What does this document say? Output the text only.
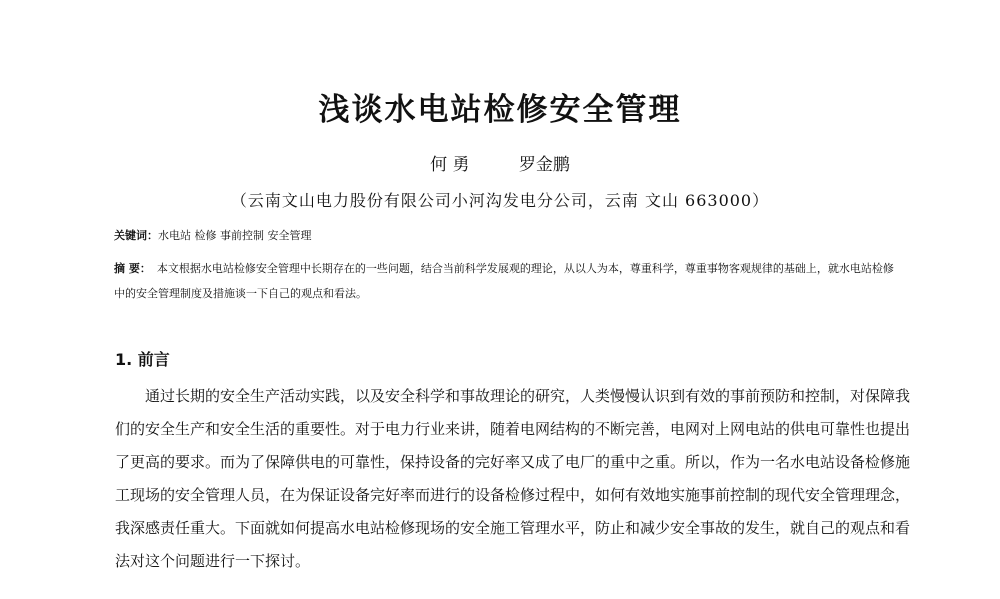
浅谈水电站检修安全管理
何 勇	罗金鹏
（云南文山电力股份有限公司小河沟发电分公司，云南 文山 663000）
关键词：水电站 检修 事前控制 安全管理
摘 要： 本文根据水电站检修安全管理中长期存在的一些问题，结合当前科学发展观的理论，从以人为本，尊重科学，尊重事物客观规律的基础上，就水电站检修中的安全管理制度及措施谈一下自己的观点和看法。
1. 前言

通过长期的安全生产活动实践，以及安全科学和事故理论的研究，人类慢慢认识到有效的事前预防和控制，对保障我们的安全生产和安全生活的重要性。对于电力行业来讲，随着电网结构的不断完善，电网对上网电站的供电可靠性也提出了更高的要求。而为了保障供电的可靠性，保持设备的完好率又成了电厂的重中之重。所以，作为一名水电站设备检修施工现场的安全管理人员，在为保证设备完好率而进行的设备检修过程中，如何有效地实施事前控制的现代安全管理理念，我深感责任重大。下面就如何提高水电站检修现场的安全施工管理水平，防止和减少安全事故的发生，就自己的观点和看法对这个问题进行一下探讨。
